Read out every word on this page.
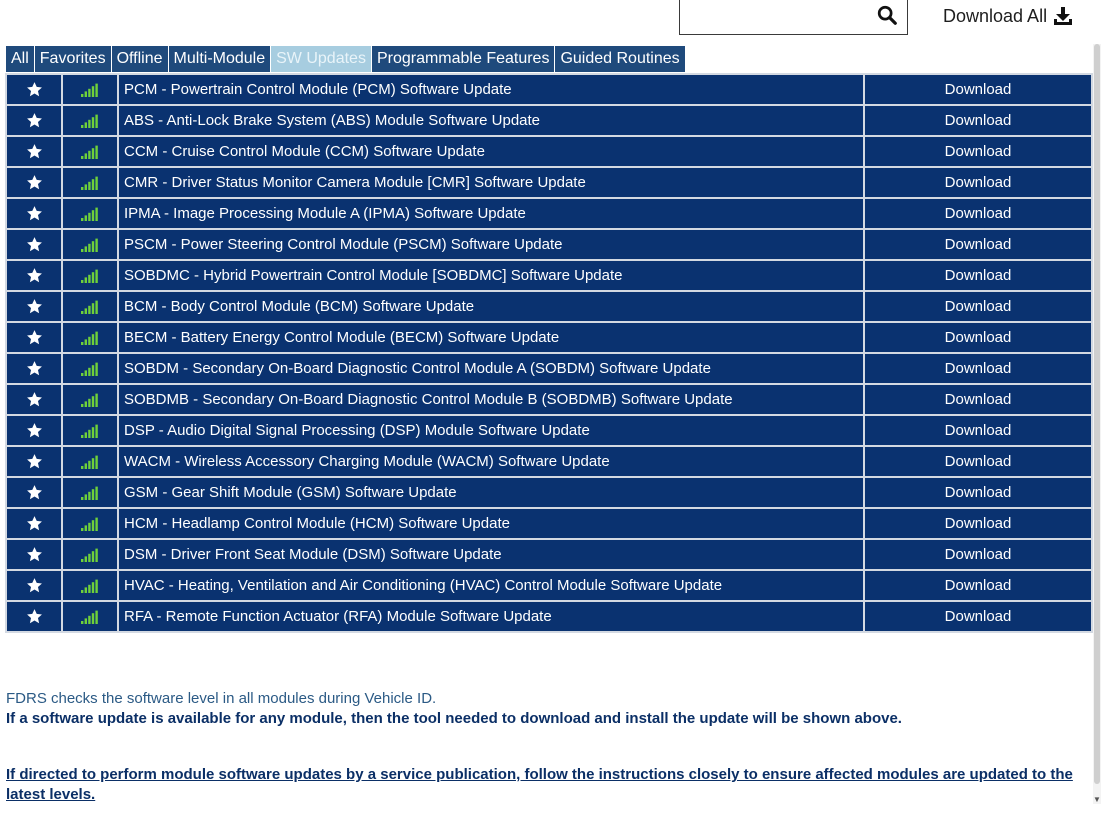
Download All
All Favorites Offline Multi-Module SW Updates Programmable Features Guided Routines
		PCM - Powertrain Control Module (PCM) Software Update	Download
		ABS - Anti-Lock Brake System (ABS) Module Software Update	Download
		CCM - Cruise Control Module (CCM) Software Update	Download
		CMR - Driver Status Monitor Camera Module [CMR] Software Update	Download
		IPMA - Image Processing Module A (IPMA) Software Update	Download
		PSCM - Power Steering Control Module (PSCM) Software Update	Download
		SOBDMC - Hybrid Powertrain Control Module [SOBDMC] Software Update	Download
		BCM - Body Control Module (BCM) Software Update	Download
		BECM - Battery Energy Control Module (BECM) Software Update	Download
		SOBDM - Secondary On-Board Diagnostic Control Module A (SOBDM) Software Update	Download
		SOBDMB - Secondary On-Board Diagnostic Control Module B (SOBDMB) Software Update	Download
		DSP - Audio Digital Signal Processing (DSP) Module Software Update	Download
		WACM - Wireless Accessory Charging Module (WACM) Software Update	Download
		GSM - Gear Shift Module (GSM) Software Update	Download
		HCM - Headlamp Control Module (HCM) Software Update	Download
		DSM - Driver Front Seat Module (DSM) Software Update	Download
		HVAC - Heating, Ventilation and Air Conditioning (HVAC) Control Module Software Update	Download
		RFA - Remote Function Actuator (RFA) Module Software Update	Download
▼
FDRS checks the software level in all modules during Vehicle ID.
If a software update is available for any module, then the tool needed to download and install the update will be shown above.
If directed to perform module software updates by a service publication, follow the instructions closely to ensure affected modules are updated to the latest levels.
